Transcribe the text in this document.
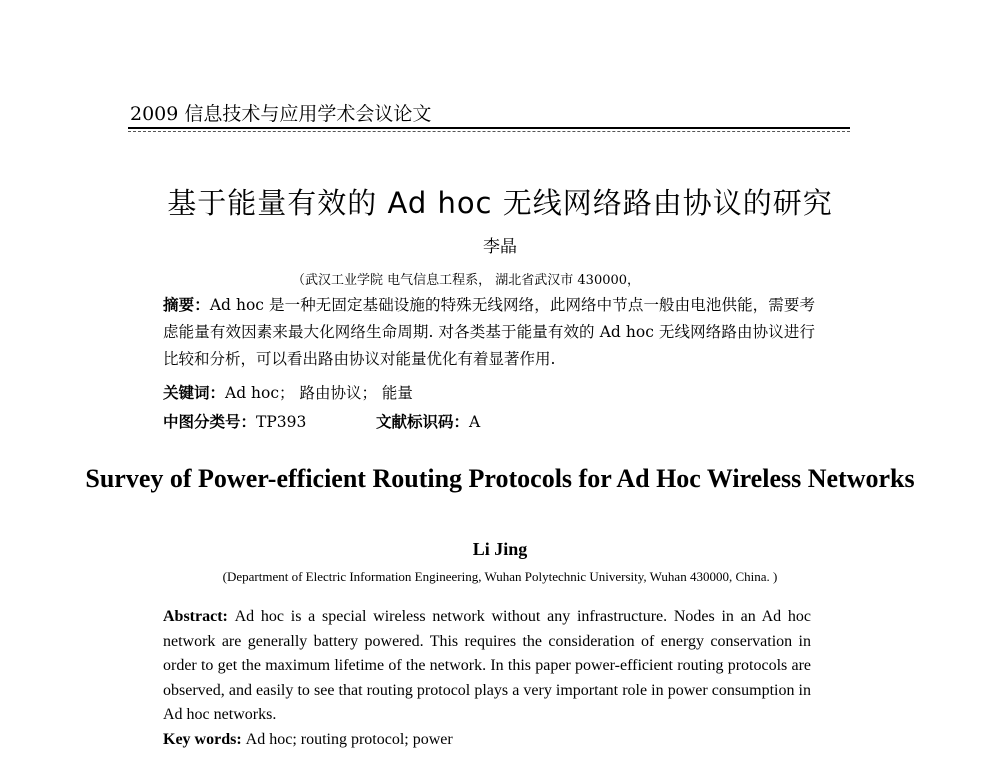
2009 信息技术与应用学术会议论文
基于能量有效的 Ad hoc 无线网络路由协议的研究
李晶
（武汉工业学院 电气信息工程系， 湖北省武汉市 430000，
摘要：Ad hoc 是一种无固定基础设施的特殊无线网络，此网络中节点一般由电池供能，需要考虑能量有效因素来最大化网络生命周期. 对各类基于能量有效的 Ad hoc 无线网络路由协议进行比较和分析，可以看出路由协议对能量优化有着显著作用.
关键词：Ad hoc； 路由协议； 能量
中图分类号：TP393	文献标识码：A
Survey of Power-efficient Routing Protocols for Ad Hoc Wireless Networks
Li Jing
(Department of Electric Information Engineering, Wuhan Polytechnic University, Wuhan 430000, China. )
Abstract: Ad hoc is a special wireless network without any infrastructure. Nodes in an Ad hoc network are generally battery powered. This requires the consideration of energy conservation in order to get the maximum lifetime of the network. In this paper power-efficient routing protocols are observed, and easily to see that routing protocol plays a very important role in power consumption in Ad hoc networks.
Key words: Ad hoc; routing protocol; power
